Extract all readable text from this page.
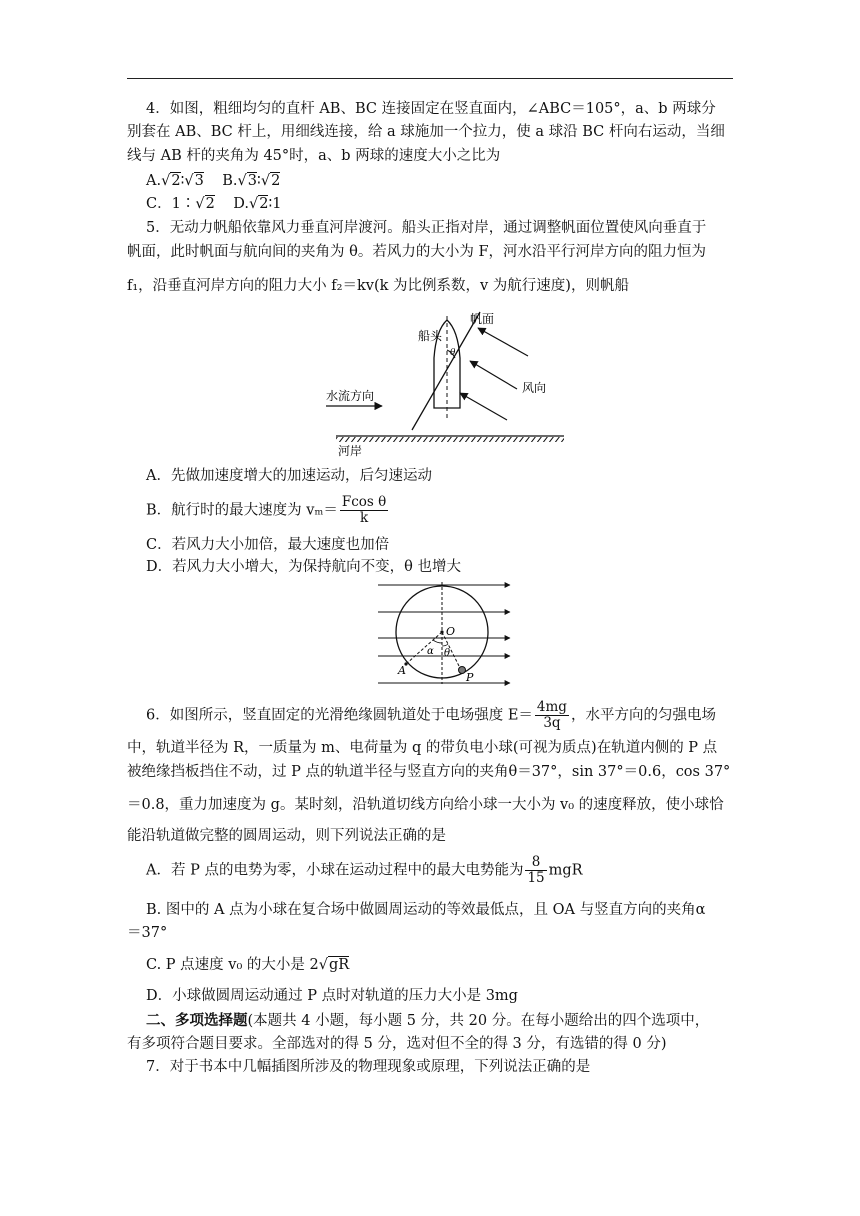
4．如图，粗细均匀的直杆 AB、BC 连接固定在竖直面内，∠ABC＝105°，a、b 两球分
别套在 AB、BC 杆上，用细线连接，给 a 球施加一个拉力，使 a 球沿 BC 杆向右运动，当细
线与 AB 杆的夹角为 45°时，a、b 两球的速度大小之比为
A.√2∶√3 B.√3∶√2
C．1∶√2 D.√2∶1
5．无动力帆船依靠风力垂直河岸渡河。船头正指对岸，通过调整帆面位置使风向垂直于
帆面，此时帆面与航向间的夹角为 θ。若风力的大小为 F，河水沿平行河岸方向的阻力恒为
f₁，沿垂直河岸方向的阻力大小 f₂＝kv(k 为比例系数，v 为航行速度)，则帆船
帆面
船头
风向
水流方向
河岸
θ
A．先做加速度增大的加速运动，后匀速运动
B．航行时的最大速度为 $v_m= \frac{\text{Fcos θ}}{k}$
C．若风力大小加倍，最大速度也加倍
D．若风力大小增大，为保持航向不变，θ 也增大
O
A
P
α θ
6．如图所示，竖直固定的光滑绝缘圆轨道处于电场强度 $E= \frac{4mg}{3q}$ ，水平方向的匀强电场
中，轨道半径为 R，一质量为 m、电荷量为 q 的带负电小球(可视为质点)在轨道内侧的 P 点
被绝缘挡板挡住不动，过 P 点的轨道半径与竖直方向的夹角θ＝37°，sin 37°＝0.6，cos 37°
＝0.8，重力加速度为 g。某时刻，沿轨道切线方向给小球一大小为 v₀ 的速度释放，使小球恰
能沿轨道做完整的圆周运动，则下列说法正确的是
A．若 P 点的电势为零，小球在运动过程中的最大电势能为 $\frac{8}{15}$ mgR
B. 图中的 A 点为小球在复合场中做圆周运动的等效最低点，且 OA 与竖直方向的夹角α
＝37°
C. P 点速度 v₀ 的大小是 2√gR
D．小球做圆周运动通过 P 点时对轨道的压力大小是 3mg
二、多项选择题(本题共 4 小题，每小题 5 分，共 20 分。在每小题给出的四个选项中，
有多项符合题目要求。全部选对的得 5 分，选对但不全的得 3 分，有选错的得 0 分)
7．对于书本中几幅插图所涉及的物理现象或原理，下列说法正确的是
